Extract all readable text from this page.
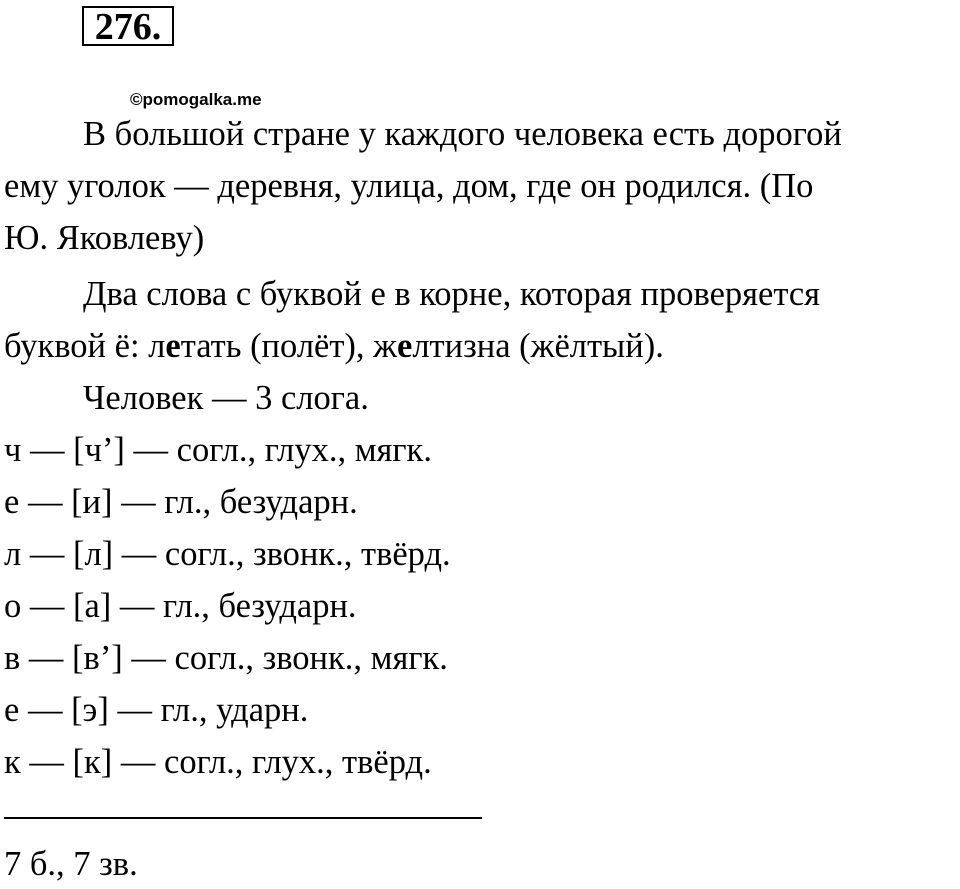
276.
©pomogalka.me
В большой стране у каждого человека есть дорогой
ему уголок — деревня, улица, дом, где он родился. (По
Ю. Яковлеву)
Два слова с буквой е в корне, которая проверяется
буквой ё: летать (полёт), желтизна (жёлтый).
Человек — 3 слога.
ч — [ч’] — согл., глух., мягк.
е — [и] — гл., безударн.
л — [л] — согл., звонк., твёрд.
о — [а] — гл., безударн.
в — [в’] — согл., звонк., мягк.
е — [э] — гл., ударн.
к — [к] — согл., глух., твёрд.
7 б., 7 зв.
